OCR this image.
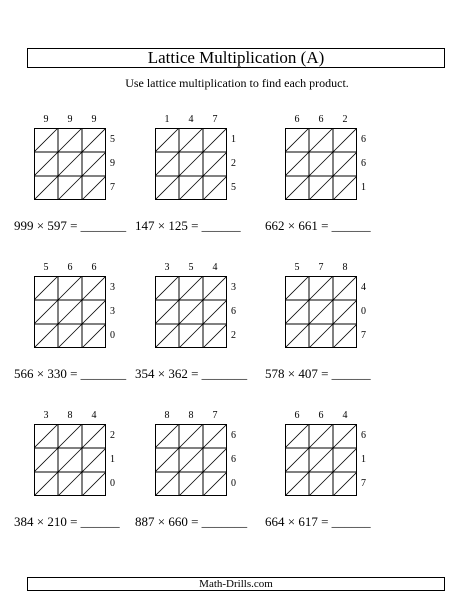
Lattice Multiplication (A)
Use lattice multiplication to find each product.
9	9	9
5
9
7
999 × 597 = _______
1	4	7
1
2
5
147 × 125 = ______
6	6	2
6
6
1
662 × 661 = ______
5	6	6
3
3
0
566 × 330 = _______
3	5	4
3
6
2
354 × 362 = _______
5	7	8
4
0
7
578 × 407 = ______
3	8	4
2
1
0
384 × 210 = ______
8	8	7
6
6
0
887 × 660 = _______
6	6	4
6
1
7
664 × 617 = ______
Math-Drills.com
